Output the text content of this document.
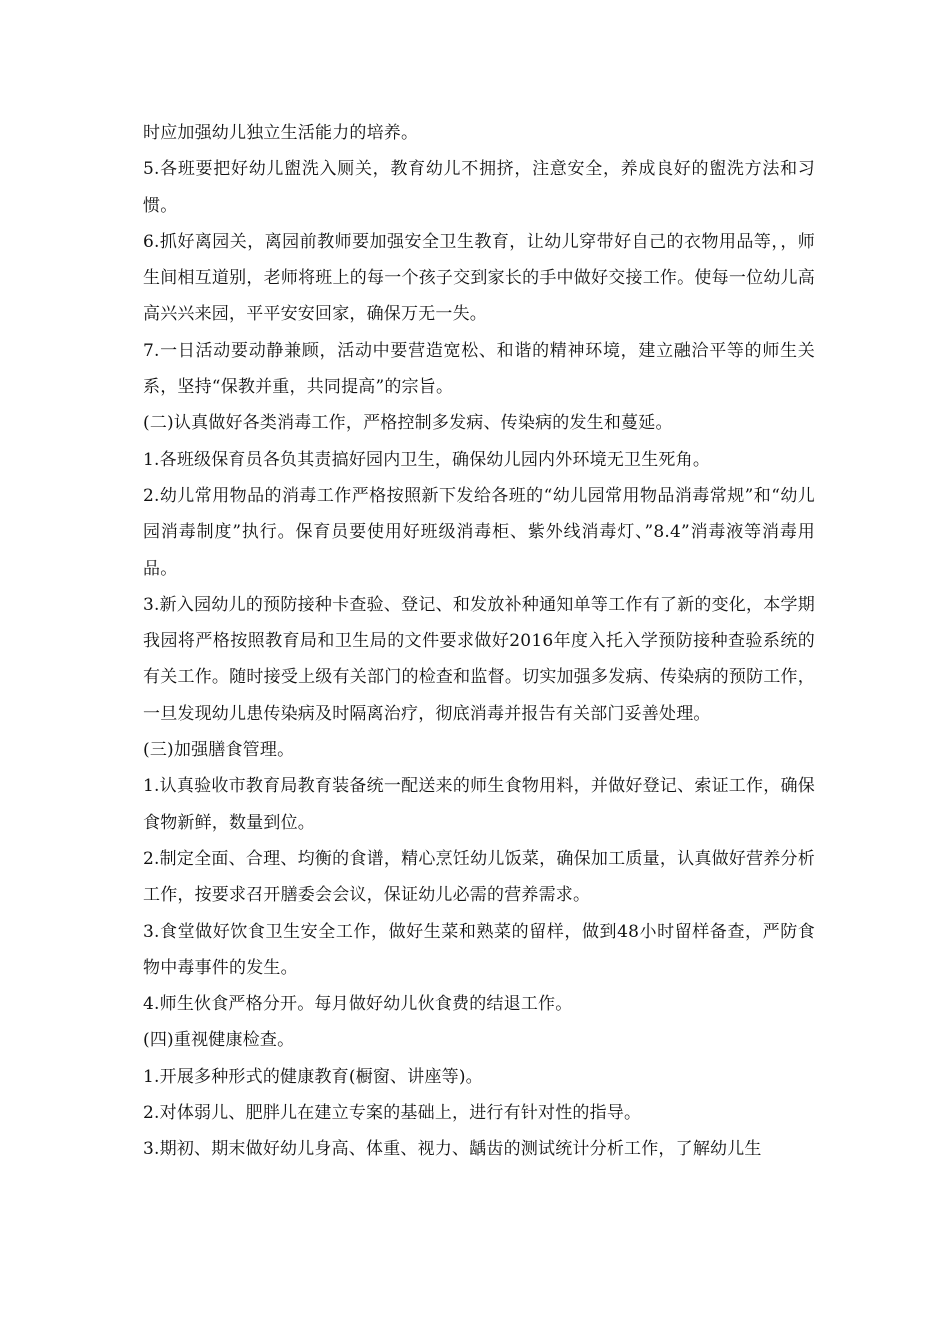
时应加强幼儿独立生活能力的培养。

5.各班要把好幼儿盥洗入厕关，教育幼儿不拥挤，注意安全，养成良好的盥洗方法和习惯。

6.抓好离园关，离园前教师要加强安全卫生教育，让幼儿穿带好自己的衣物用品等，，师生间相互道别，老师将班上的每一个孩子交到家长的手中做好交接工作。使每一位幼儿高高兴兴来园，平平安安回家，确保万无一失。

7.一日活动要动静兼顾，活动中要营造宽松、和谐的精神环境，建立融洽平等的师生关系，坚持“保教并重，共同提高”的宗旨。

(二)认真做好各类消毒工作，严格控制多发病、传染病的发生和蔓延。

1.各班级保育员各负其责搞好园内卫生，确保幼儿园内外环境无卫生死角。

2.幼儿常用物品的消毒工作严格按照新下发给各班的“幼儿园常用物品消毒常规”和“幼儿园消毒制度”执行。保育员要使用好班级消毒柜、紫外线消毒灯、”8.4”消毒液等消毒用品。

3.新入园幼儿的预防接种卡查验、登记、和发放补种通知单等工作有了新的变化，本学期我园将严格按照教育局和卫生局的文件要求做好2016年度入托入学预防接种查验系统的有关工作。随时接受上级有关部门的检查和监督。切实加强多发病、传染病的预防工作，一旦发现幼儿患传染病及时隔离治疗，彻底消毒并报告有关部门妥善处理。

(三)加强膳食管理。

1.认真验收市教育局教育装备统一配送来的师生食物用料，并做好登记、索证工作，确保食物新鲜，数量到位。

2.制定全面、合理、均衡的食谱，精心烹饪幼儿饭菜，确保加工质量，认真做好营养分析工作，按要求召开膳委会会议，保证幼儿必需的营养需求。

3.食堂做好饮食卫生安全工作，做好生菜和熟菜的留样，做到48小时留样备查，严防食物中毒事件的发生。

4.师生伙食严格分开。每月做好幼儿伙食费的结退工作。

(四)重视健康检查。

1.开展多种形式的健康教育(橱窗、讲座等)。

2.对体弱儿、肥胖儿在建立专案的基础上，进行有针对性的指导。

3.期初、期末做好幼儿身高、体重、视力、龋齿的测试统计分析工作，了解幼儿生
